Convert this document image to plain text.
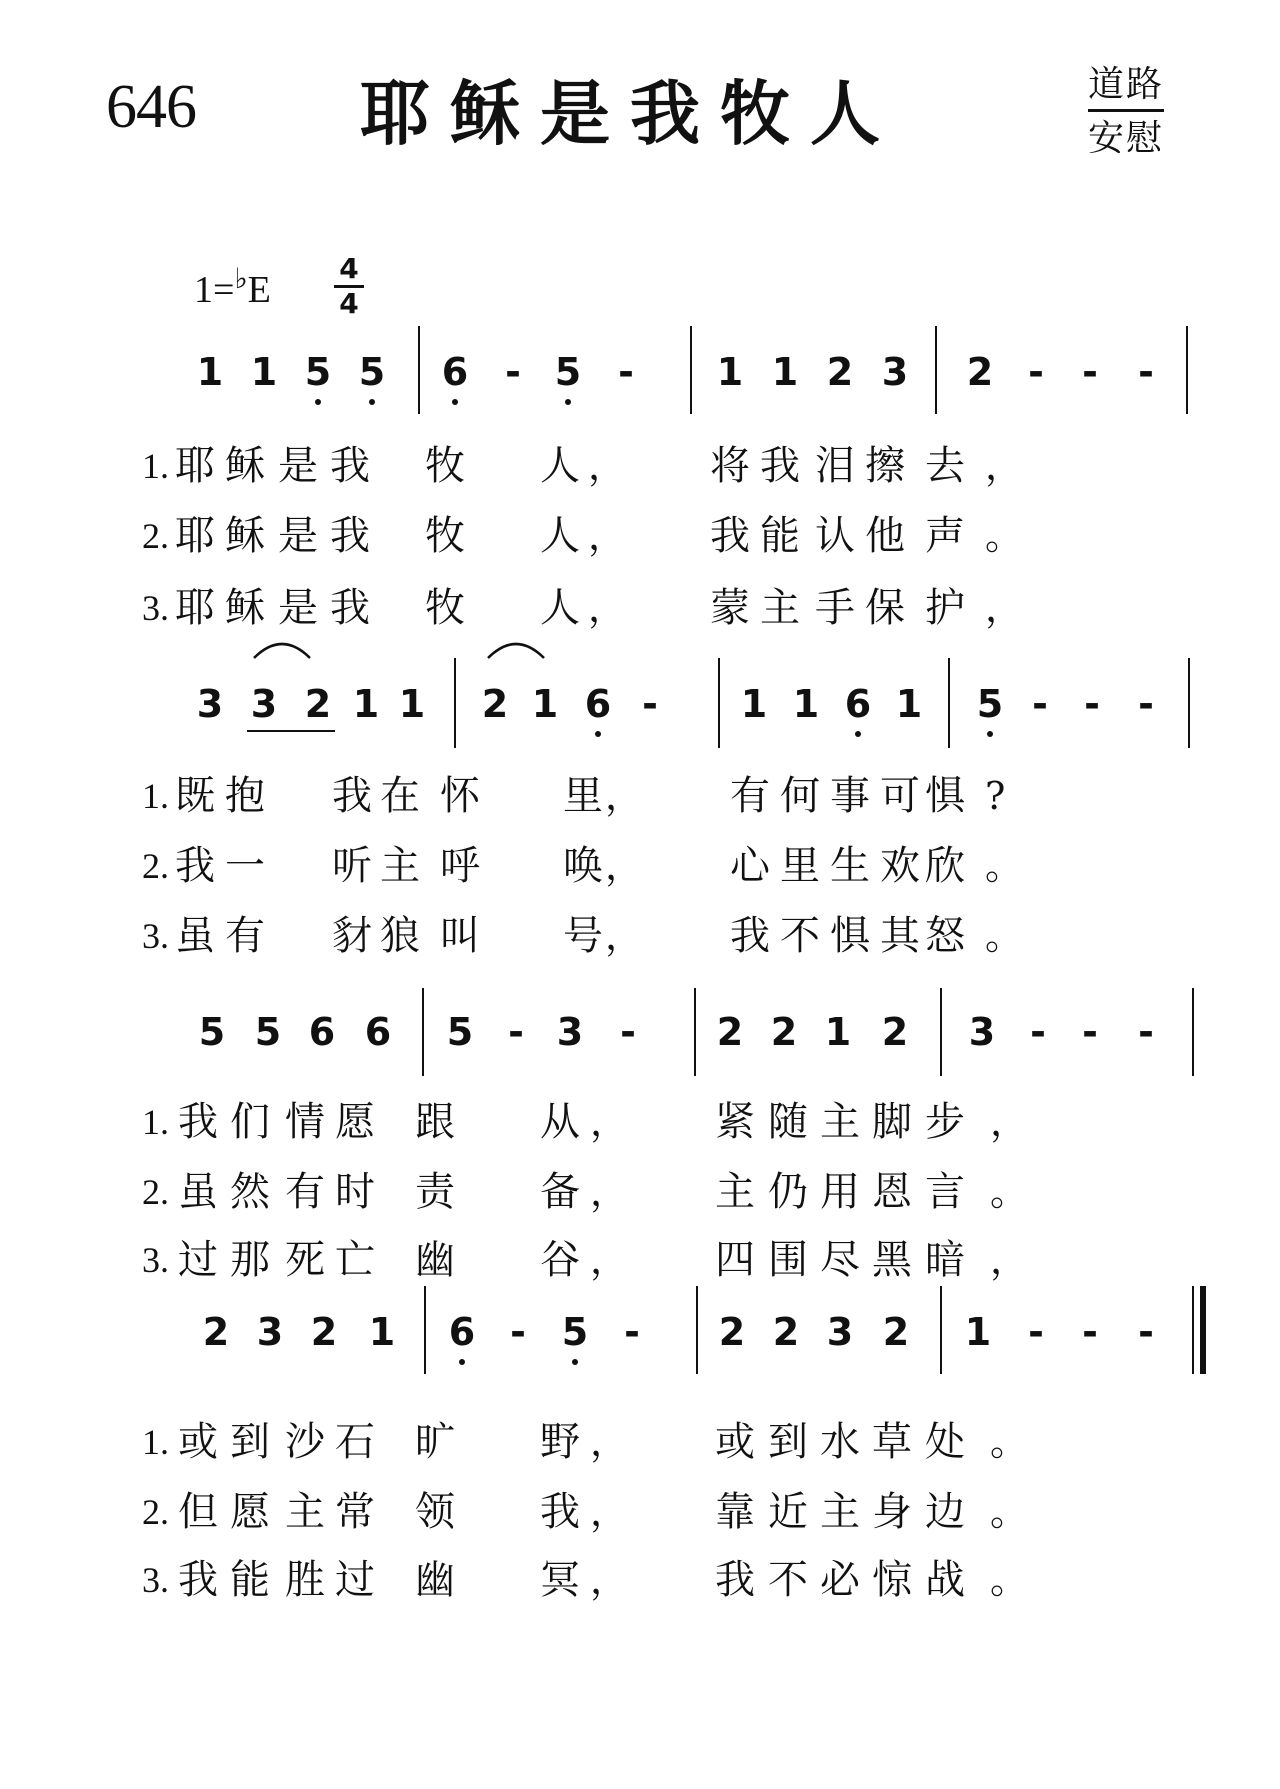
646 耶稣是我牧人	道路
安慰
1=♭E
4
4
1 1 5 5	6 - 5 -	1 1 2 3	2 -	-	-
1. 耶 稣 是 我 牧 人	将 我 泪 擦 去
，	，
2. 耶 稣 是 我 牧 人	我 能 认 他 声
，	。
3. 耶 稣 是 我 牧 人	蒙 主 手 保 护
，	，
3 3 2 1 1	2 1 6 -	1 1 6 1	5 - -	-
1. 既 抱 我 在 怀 里	有 何 事 可 惧
，	?
2. 我 一 听 主 呼 唤	心 里 生 欢 欣
，	。
3. 虽 有 豺 狼 叫 号	我 不 惧 其 怒
，	。
5 5 6 6	5 - 3 -	2 2 1 2	3 - -	-
1. 我 们 情 愿 跟 从	紧 随 主 脚 步
，	，
2. 虽 然 有 时 责 备	主 仍 用 恩 言
，	。
3. 过 那 死 亡 幽 谷	四 围 尽 黑 暗
，	，
2 3 2 1	6 - 5 -	2 2 3 2	1 -	-	-
1. 或 到 沙 石 旷 野	或 到 水 草 处
，	。
2. 但 愿 主 常 领 我	靠 近 主 身 边
，	。
3. 我 能 胜 过 幽 冥	我 不 必 惊 战
，	。
